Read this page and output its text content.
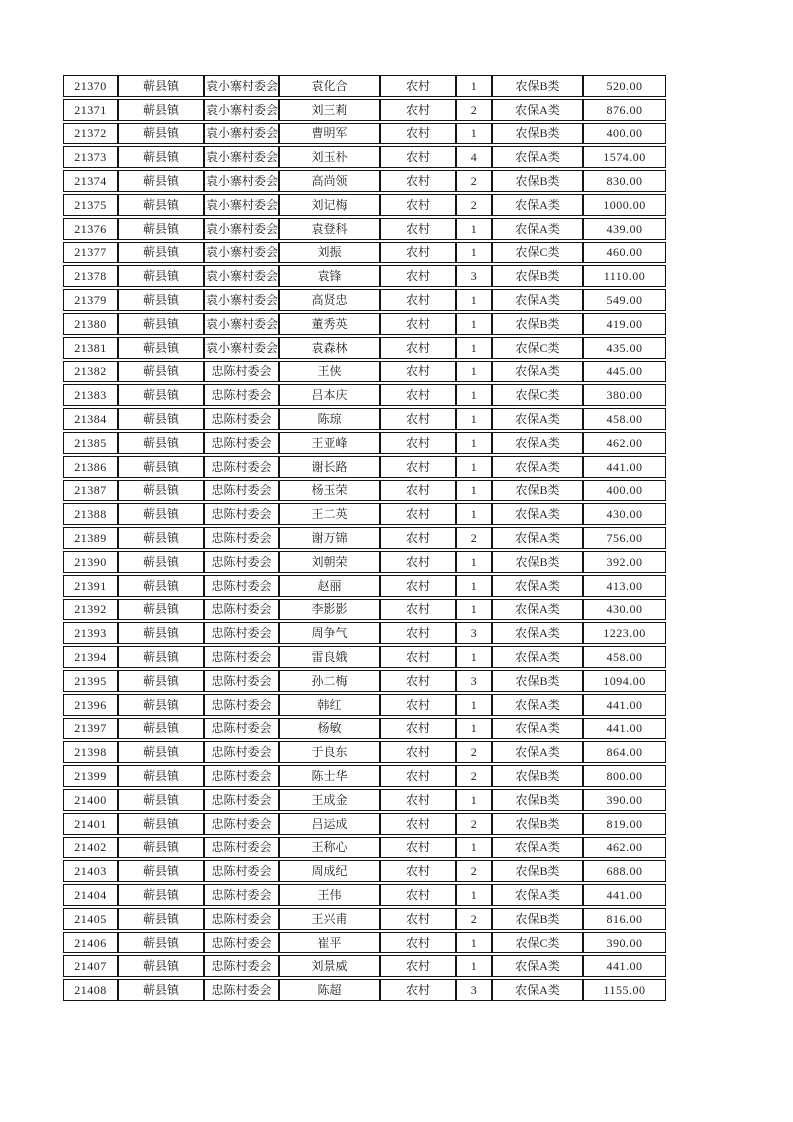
21370	蕲县镇	袁小寨村委会	袁化合	农村	1	农保B类	520.00
21371	蕲县镇	袁小寨村委会	刘三莉	农村	2	农保A类	876.00
21372	蕲县镇	袁小寨村委会	曹明军	农村	1	农保B类	400.00
21373	蕲县镇	袁小寨村委会	刘玉朴	农村	4	农保A类	1574.00
21374	蕲县镇	袁小寨村委会	高尚领	农村	2	农保B类	830.00
21375	蕲县镇	袁小寨村委会	刘记梅	农村	2	农保A类	1000.00
21376	蕲县镇	袁小寨村委会	袁登科	农村	1	农保A类	439.00
21377	蕲县镇	袁小寨村委会	刘振	农村	1	农保C类	460.00
21378	蕲县镇	袁小寨村委会	袁锋	农村	3	农保B类	1110.00
21379	蕲县镇	袁小寨村委会	高贤忠	农村	1	农保A类	549.00
21380	蕲县镇	袁小寨村委会	董秀英	农村	1	农保B类	419.00
21381	蕲县镇	袁小寨村委会	袁森林	农村	1	农保C类	435.00
21382	蕲县镇	忠陈村委会	王侠	农村	1	农保A类	445.00
21383	蕲县镇	忠陈村委会	吕本庆	农村	1	农保C类	380.00
21384	蕲县镇	忠陈村委会	陈琼	农村	1	农保A类	458.00
21385	蕲县镇	忠陈村委会	王亚峰	农村	1	农保A类	462.00
21386	蕲县镇	忠陈村委会	谢长路	农村	1	农保A类	441.00
21387	蕲县镇	忠陈村委会	杨玉荣	农村	1	农保B类	400.00
21388	蕲县镇	忠陈村委会	王二英	农村	1	农保A类	430.00
21389	蕲县镇	忠陈村委会	谢万锦	农村	2	农保A类	756.00
21390	蕲县镇	忠陈村委会	刘朝荣	农村	1	农保B类	392.00
21391	蕲县镇	忠陈村委会	赵丽	农村	1	农保A类	413.00
21392	蕲县镇	忠陈村委会	李影影	农村	1	农保A类	430.00
21393	蕲县镇	忠陈村委会	周争气	农村	3	农保A类	1223.00
21394	蕲县镇	忠陈村委会	雷良娥	农村	1	农保A类	458.00
21395	蕲县镇	忠陈村委会	孙二梅	农村	3	农保B类	1094.00
21396	蕲县镇	忠陈村委会	韩红	农村	1	农保A类	441.00
21397	蕲县镇	忠陈村委会	杨敏	农村	1	农保A类	441.00
21398	蕲县镇	忠陈村委会	于良东	农村	2	农保A类	864.00
21399	蕲县镇	忠陈村委会	陈士华	农村	2	农保B类	800.00
21400	蕲县镇	忠陈村委会	王成金	农村	1	农保B类	390.00
21401	蕲县镇	忠陈村委会	吕运成	农村	2	农保B类	819.00
21402	蕲县镇	忠陈村委会	王称心	农村	1	农保A类	462.00
21403	蕲县镇	忠陈村委会	周成纪	农村	2	农保B类	688.00
21404	蕲县镇	忠陈村委会	王伟	农村	1	农保A类	441.00
21405	蕲县镇	忠陈村委会	王兴甫	农村	2	农保B类	816.00
21406	蕲县镇	忠陈村委会	崔平	农村	1	农保C类	390.00
21407	蕲县镇	忠陈村委会	刘景威	农村	1	农保A类	441.00
21408	蕲县镇	忠陈村委会	陈超	农村	3	农保A类	1155.00
